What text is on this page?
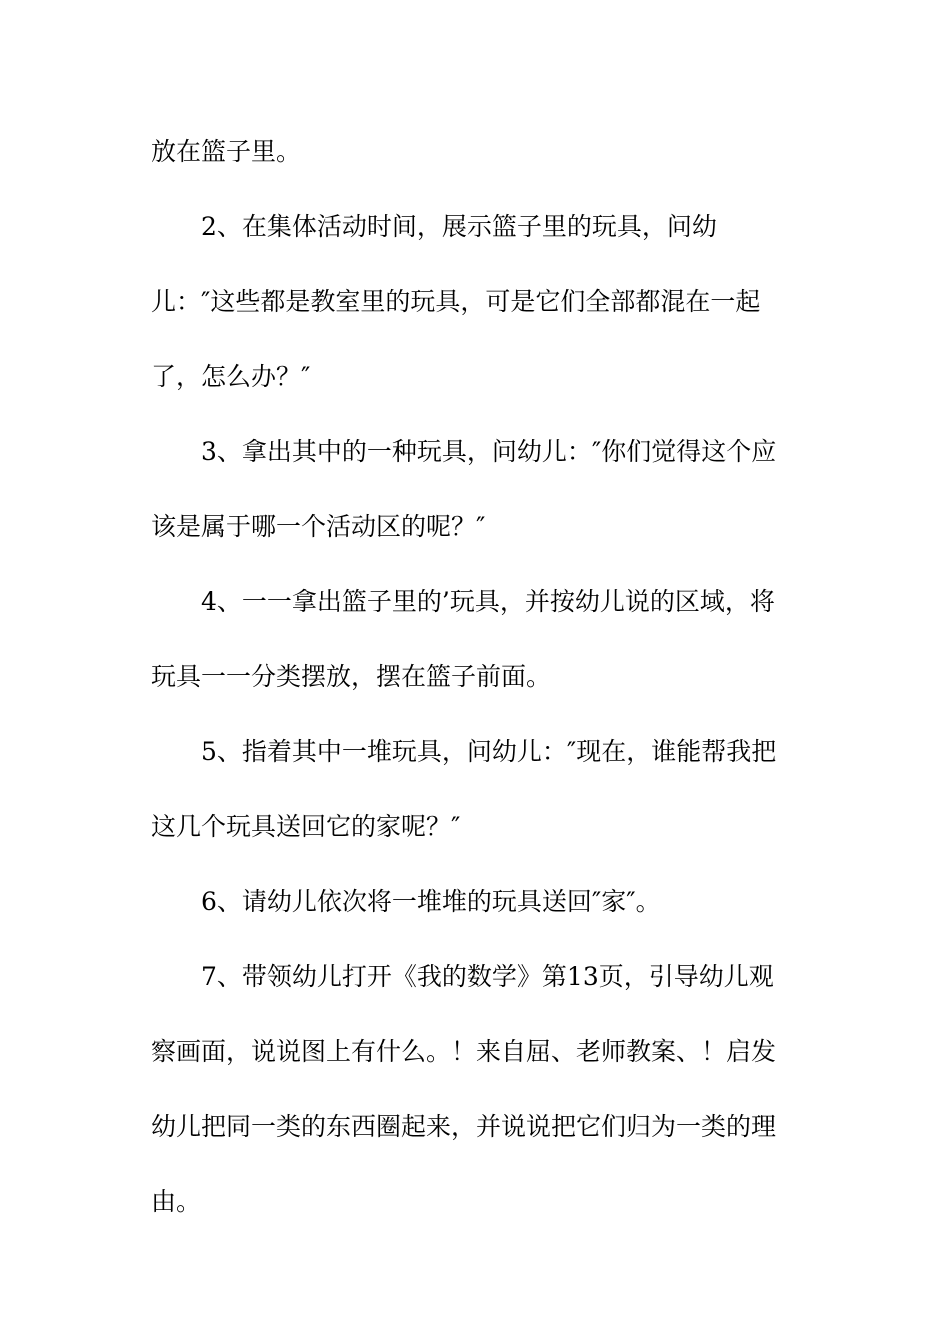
放在篮子里。
2、在集体活动时间，展示篮子里的玩具，问幼
儿：″这些都是教室里的玩具，可是它们全部都混在一起
了，怎么办？″
3、拿出其中的一种玩具，问幼儿：″你们觉得这个应
该是属于哪一个活动区的呢？″
4、一一拿出篮子里的’玩具，并按幼儿说的区域，将
玩具一一分类摆放，摆在篮子前面。
5、指着其中一堆玩具，问幼儿：″现在，谁能帮我把
这几个玩具送回它的家呢？″
6、请幼儿依次将一堆堆的玩具送回″家″。
7、带领幼儿打开《我的数学》第13页，引导幼儿观
察画面，说说图上有什么。！来自屈、老师教案、！启发
幼儿把同一类的东西圈起来，并说说把它们归为一类的理
由。
